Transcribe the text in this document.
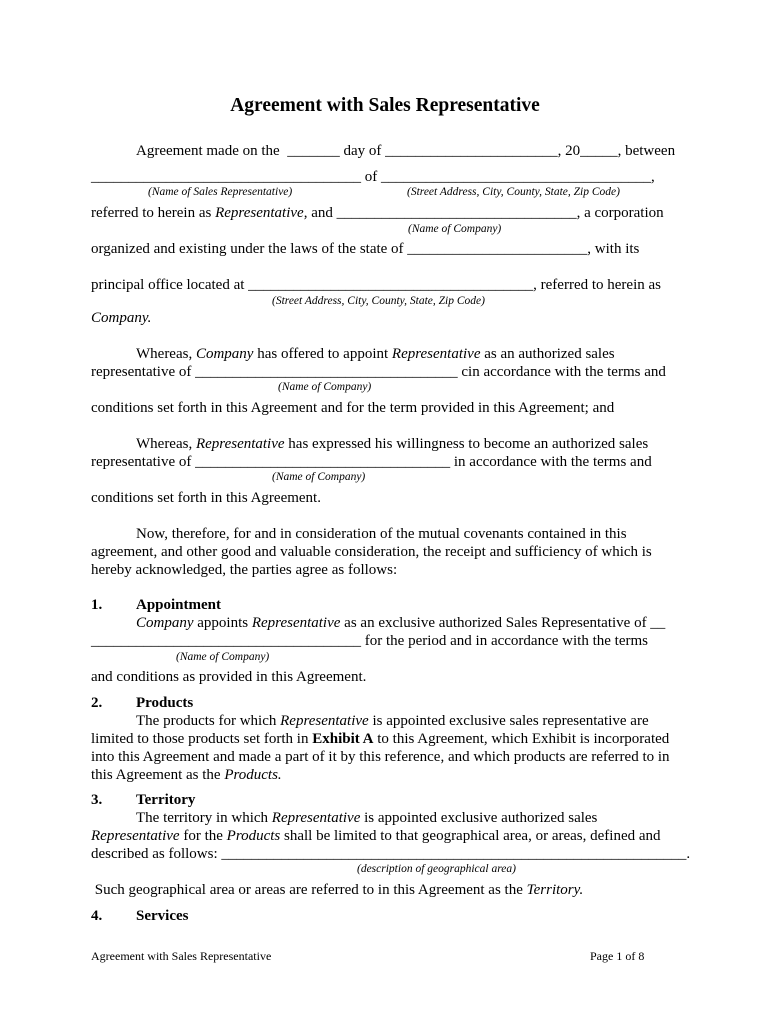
Agreement with Sales Representative
Agreement made on the  _______ day of _______________________, 20_____, between
____________________________________ of ____________________________________,
(Name of Sales Representative)	(Street Address, City, County, State, Zip Code)
referred to herein as Representative, and ________________________________, a corporation
(Name of Company)
organized and existing under the laws of the state of ________________________, with its
principal office located at ______________________________________, referred to herein as
(Street Address, City, County, State, Zip Code)
Company.
Whereas, Company has offered to appoint Representative as an authorized sales
representative of ___________________________________ cin accordance with the terms and
(Name of Company)
conditions set forth in this Agreement and for the term provided in this Agreement; and
Whereas, Representative has expressed his willingness to become an authorized sales
representative of __________________________________ in accordance with the terms and
(Name of Company)
conditions set forth in this Agreement.
Now, therefore, for and in consideration of the mutual covenants contained in this
agreement, and other good and valuable consideration, the receipt and sufficiency of which is
hereby acknowledged, the parties agree as follows:
1. Appointment
Company appoints Representative as an exclusive authorized Sales Representative of __
____________________________________ for the period and in accordance with the terms
(Name of Company)
and conditions as provided in this Agreement.
2. Products
The products for which Representative is appointed exclusive sales representative are
limited to those products set forth in Exhibit A to this Agreement, which Exhibit is incorporated
into this Agreement and made a part of it by this reference, and which products are referred to in
this Agreement as the Products.
3. Territory
The territory in which Representative is appointed exclusive authorized sales
Representative for the Products shall be limited to that geographical area, or areas, defined and
described as follows: ______________________________________________________________.
(description of geographical area)
Such geographical area or areas are referred to in this Agreement as the Territory.
4. Services
Agreement with Sales Representative	Page 1 of 8
